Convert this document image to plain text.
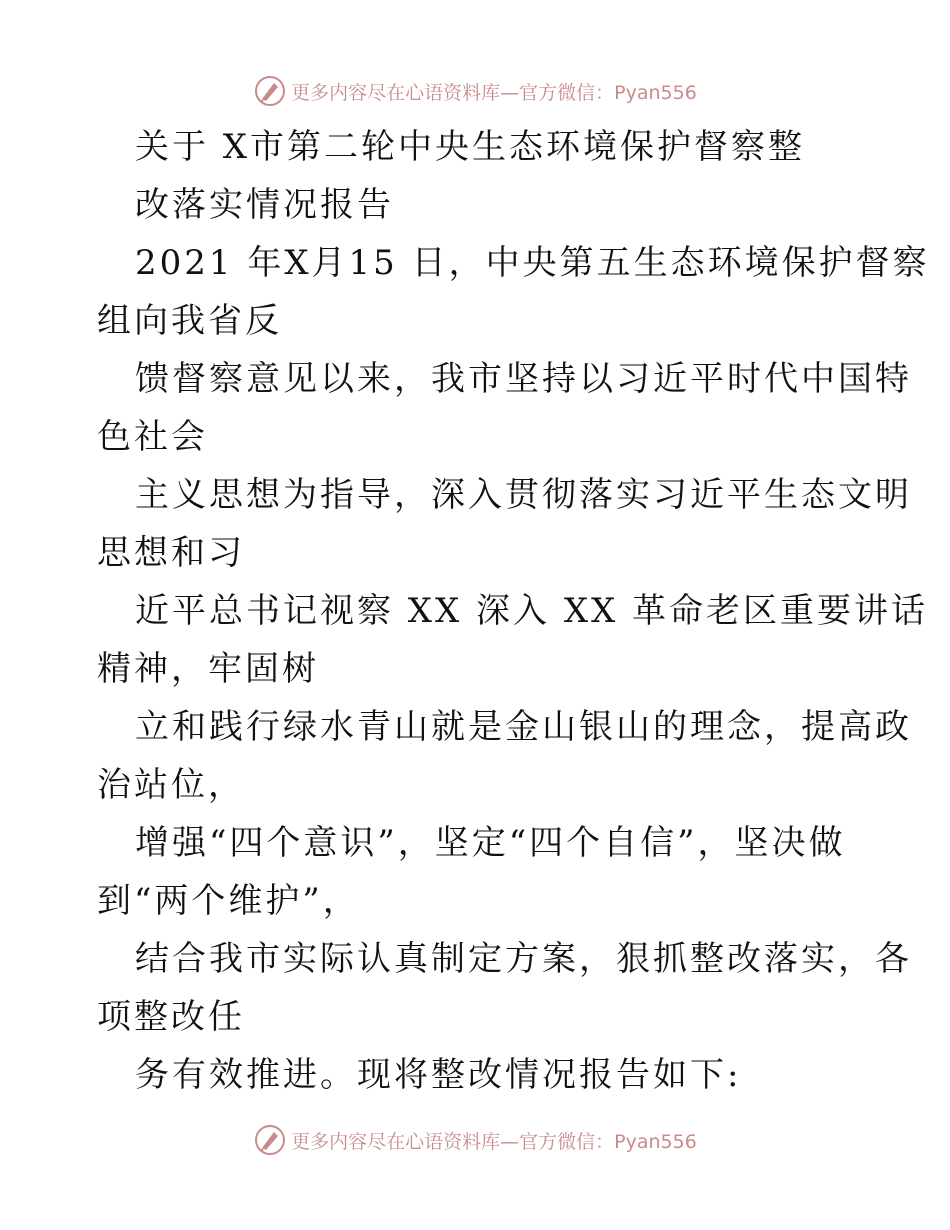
更多内容尽在心语资料库—官方微信：Pyan556
关于 X市第二轮中央生态环境保护督察整
改落实情况报告
2021 年X月15 日，中央第五生态环境保护督察
组向我省反
馈督察意见以来，我市坚持以习近平时代中国特
色社会
主义思想为指导，深入贯彻落实习近平生态文明
思想和习
近平总书记视察 XX 深入 XX 革命老区重要讲话
精神，牢固树
立和践行绿水青山就是金山银山的理念，提高政
治站位，
增强“四个意识”，坚定“四个自信”，坚决做
到“两个维护”，
结合我市实际认真制定方案，狠抓整改落实，各
项整改任
务有效推进。现将整改情况报告如下:
更多内容尽在心语资料库—官方微信：Pyan556
